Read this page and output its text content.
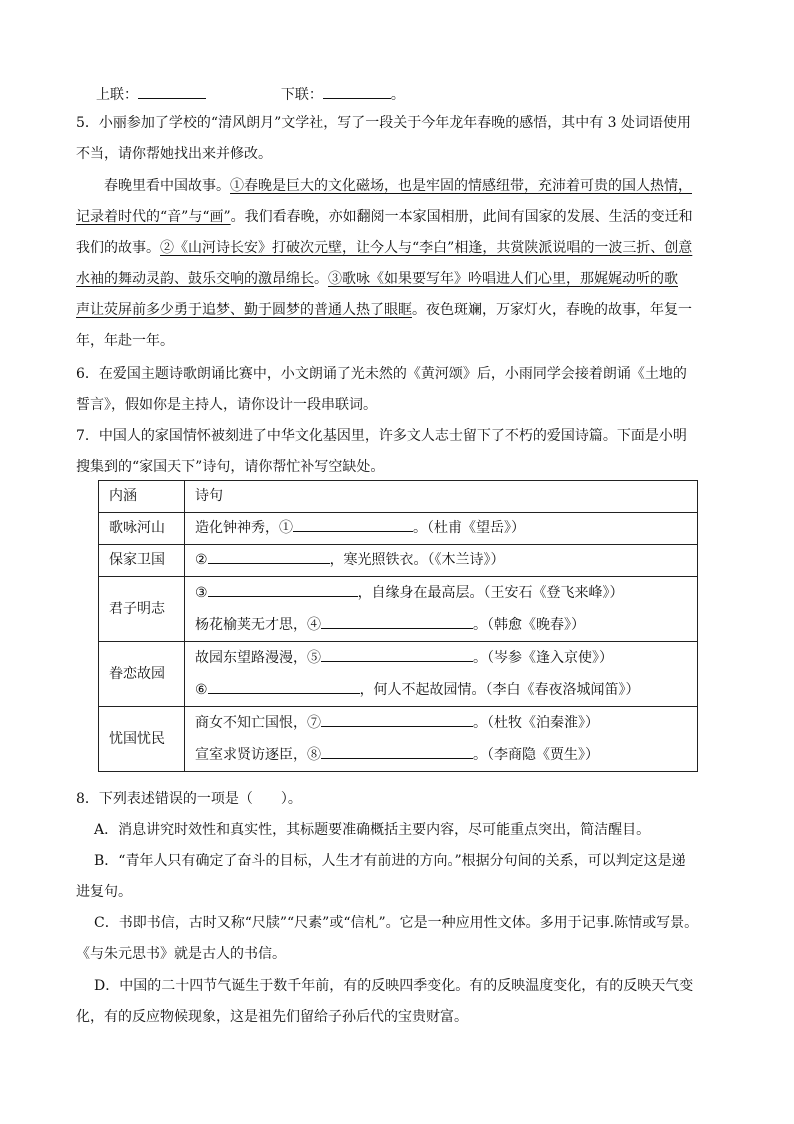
上联：	下联：	。
5．小丽参加了学校的“清风朗月”文学社，写了一段关于今年龙年春晚的感悟，其中有 3 处词语使用
不当，请你帮她找出来并修改。
春晚里看中国故事。①春晚是巨大的文化磁场，也是牢固的情感纽带，充沛着可贵的国人热情，
记录着时代的“音”与“画”。我们看春晚，亦如翻阅一本家国相册，此间有国家的发展、生活的变迁和
我们的故事。②《山河诗长安》打破次元壁，让今人与“李白”相逢，共赏陕派说唱的一波三折、创意
水袖的舞动灵韵、鼓乐交响的激昂绵长。③歌咏《如果要写年》吟唱进人们心里，那娓娓动听的歌
声让荧屏前多少勇于追梦、勤于圆梦的普通人热了眼眶。夜色斑斓，万家灯火，春晚的故事，年复一
年，年赴一年。
6．在爱国主题诗歌朗诵比赛中，小文朗诵了光未然的《黄河颂》后，小雨同学会接着朗诵《土地的
誓言》，假如你是主持人，请你设计一段串联词。
7．中国人的家国情怀被刻进了中华文化基因里，许多文人志士留下了不朽的爱国诗篇。下面是小明
搜集到的“家国天下”诗句，请你帮忙补写空缺处。
内涵	诗句
歌咏河山	造化钟神秀，① 。（杜甫《望岳》）

保家卫国	② ，寒光照铁衣。（《木兰诗》）

君子明志	③ ，自缘身在最高层。（王安石《登飞来峰》）
杨花榆荚无才思，④ 。（韩愈《晚春》）

眷恋故园	故园东望路漫漫，⑤ 。（岑参《逢入京使》）
⑥ ，何人不起故园情。（李白《春夜洛城闻笛》）

忧国忧民	商女不知亡国恨，⑦ 。（杜牧《泊秦淮》）
宣室求贤访逐臣，⑧ 。（李商隐《贾生》）
8．下列表述错误的一项是（　　）。
A．消息讲究时效性和真实性，其标题要准确概括主要内容，尽可能重点突出，简洁醒目。
B．“青年人只有确定了奋斗的目标，人生才有前进的方向。”根据分句间的关系，可以判定这是递
进复句。
C．书即书信，古时又称“尺牍”“尺素”或“信札”。它是一种应用性文体。多用于记事.陈情或写景。
《与朱元思书》就是古人的书信。
D．中国的二十四节气诞生于数千年前，有的反映四季变化。有的反映温度变化，有的反映天气变
化，有的反应物候现象，这是祖先们留给子孙后代的宝贵财富。
